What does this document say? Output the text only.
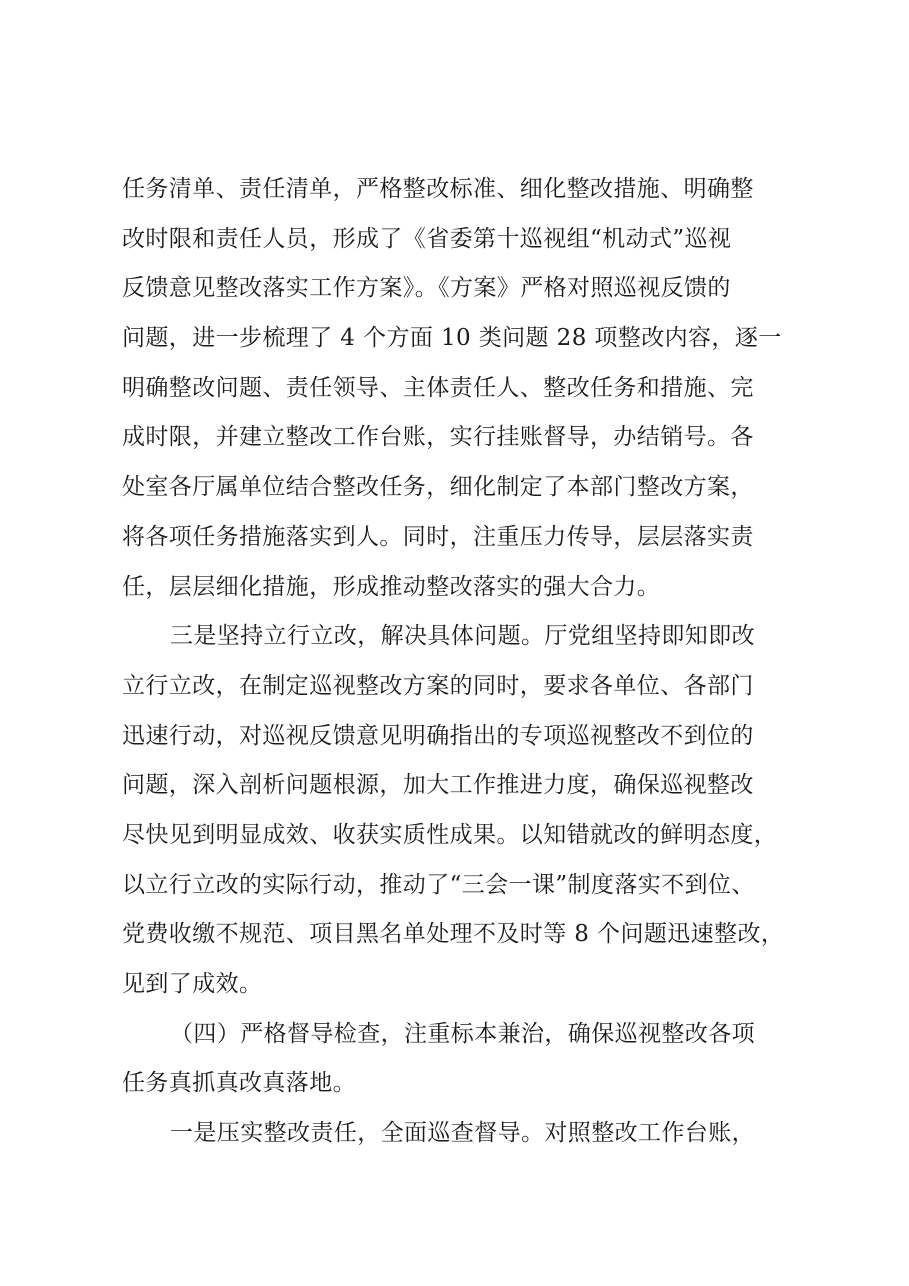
任务清单、责任清单，严格整改标准、细化整改措施、明确整
改时限和责任人员，形成了《省委第十巡视组“机动式”巡视
反馈意见整改落实工作方案》。《方案》严格对照巡视反馈的
问题，进一步梳理了 4 个方面 10 类问题 28 项整改内容，逐一
明确整改问题、责任领导、主体责任人、整改任务和措施、完
成时限，并建立整改工作台账，实行挂账督导，办结销号。各
处室各厅属单位结合整改任务，细化制定了本部门整改方案，
将各项任务措施落实到人。同时，注重压力传导，层层落实责
任，层层细化措施，形成推动整改落实的强大合力。
三是坚持立行立改，解决具体问题。厅党组坚持即知即改
立行立改，在制定巡视整改方案的同时，要求各单位、各部门
迅速行动，对巡视反馈意见明确指出的专项巡视整改不到位的
问题，深入剖析问题根源，加大工作推进力度，确保巡视整改
尽快见到明显成效、收获实质性成果。以知错就改的鲜明态度，
以立行立改的实际行动，推动了“三会一课”制度落实不到位、
党费收缴不规范、项目黑名单处理不及时等 8 个问题迅速整改，
见到了成效。
（四）严格督导检查，注重标本兼治，确保巡视整改各项
任务真抓真改真落地。
一是压实整改责任，全面巡查督导。对照整改工作台账，
